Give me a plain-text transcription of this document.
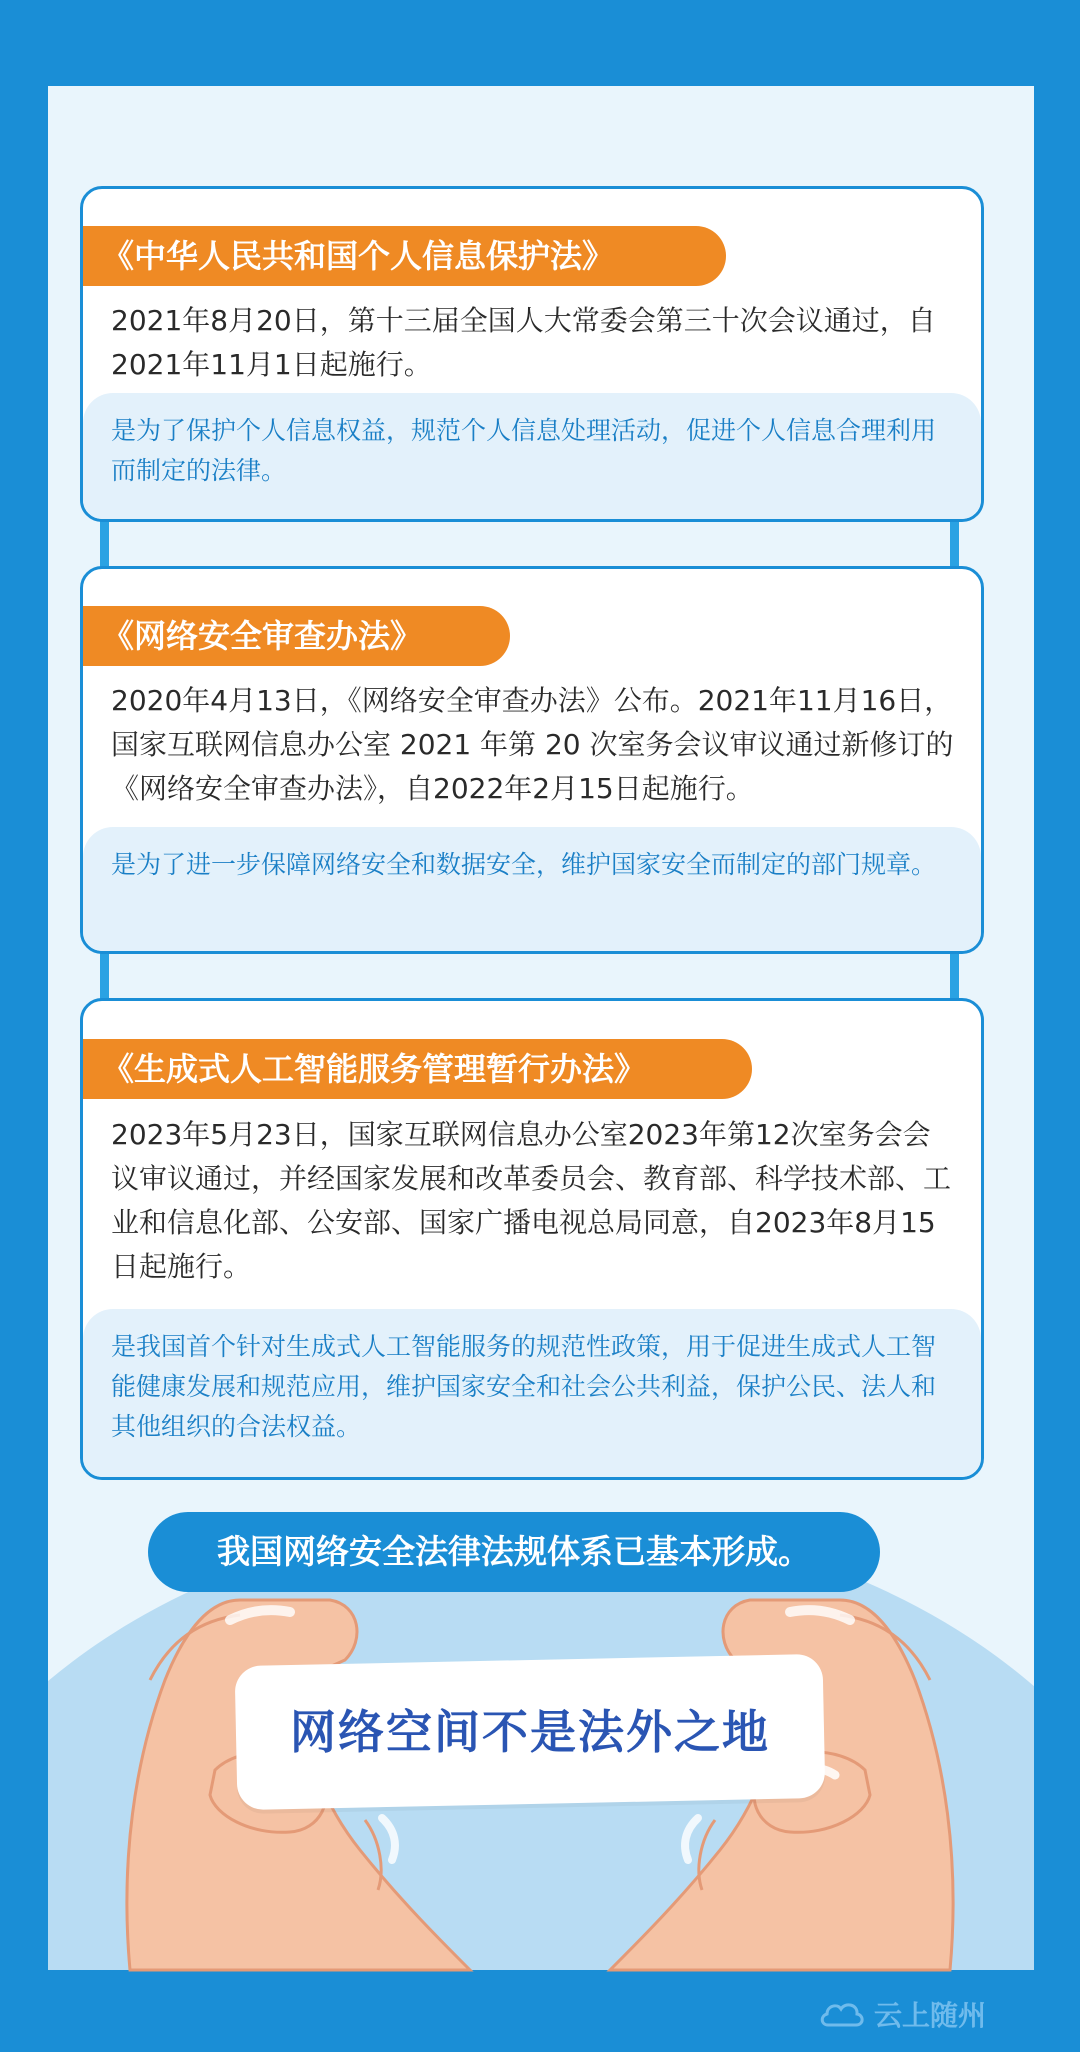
《中华人民共和国个人信息保护法》
2021年8月20日，第十三届全国人大常委会第三十次会议通过，自2021年11月1日起施行。
是为了保护个人信息权益，规范个人信息处理活动，促进个人信息合理利用而制定的法律。
《网络安全审查办法》
2020年4月13日，《网络安全审查办法》公布。2021年11月16日，国家互联网信息办公室 2021 年第 20 次室务会议审议通过新修订的《网络安全审查办法》，自2022年2月15日起施行。
是为了进一步保障网络安全和数据安全，维护国家安全而制定的部门规章。
《生成式人工智能服务管理暂行办法》
2023年5月23日，国家互联网信息办公室2023年第12次室务会会议审议通过，并经国家发展和改革委员会、教育部、科学技术部、工业和信息化部、公安部、国家广播电视总局同意，自2023年8月15日起施行。
是我国首个针对生成式人工智能服务的规范性政策，用于促进生成式人工智能健康发展和规范应用，维护国家安全和社会公共利益，保护公民、法人和其他组织的合法权益。
我国网络安全法律法规体系已基本形成。
网络空间不是法外之地
云上随州
